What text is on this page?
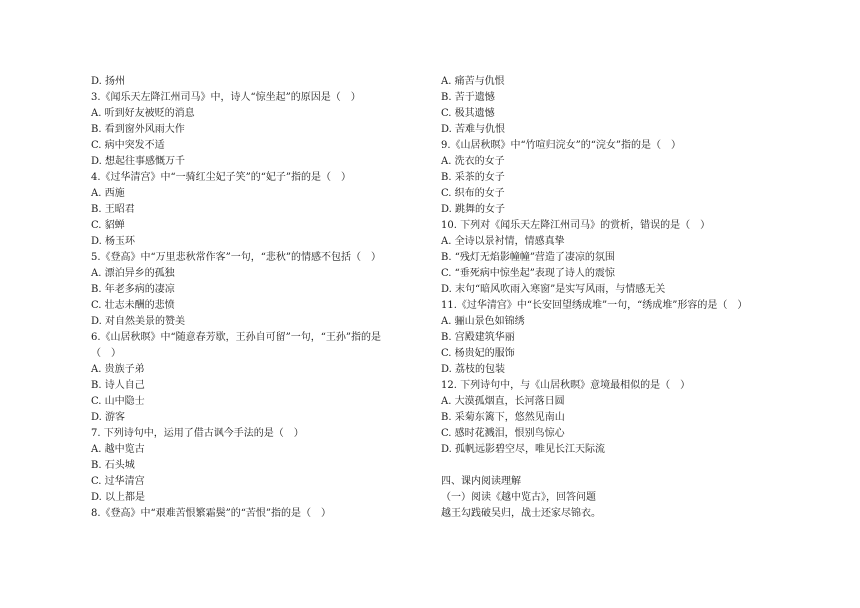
D. 扬州
3.《闻乐天左降江州司马》中，诗人“惊坐起”的原因是（　）
A. 听到好友被贬的消息
B. 看到窗外风雨大作
C. 病中突发不适
D. 想起往事感慨万千
4.《过华清宫》中“一骑红尘妃子笑”的“妃子”指的是（　）
A. 西施
B. 王昭君
C. 貂蝉
D. 杨玉环
5.《登高》中“万里悲秋常作客”一句，“悲秋”的情感不包括（　）
A. 漂泊异乡的孤独
B. 年老多病的凄凉
C. 壮志未酬的悲愤
D. 对自然美景的赞美
6.《山居秋暝》中“随意春芳歇，王孙自可留”一句，“王孙”指的是
（　）
A. 贵族子弟
B. 诗人自己
C. 山中隐士
D. 游客
7. 下列诗句中，运用了借古讽今手法的是（　）
A. 越中览古
B. 石头城
C. 过华清宫
D. 以上都是
8.《登高》中“艰难苦恨繁霜鬓”的“苦恨”指的是（　）
A. 痛苦与仇恨
B. 苦于遗憾
C. 极其遗憾
D. 苦难与仇恨
9.《山居秋暝》中“竹喧归浣女”的“浣女”指的是（　）
A. 洗衣的女子
B. 采茶的女子
C. 织布的女子
D. 跳舞的女子
10. 下列对《闻乐天左降江州司马》的赏析，错误的是（　）
A. 全诗以景衬情，情感真挚
B. “残灯无焰影幢幢”营造了凄凉的氛围
C. “垂死病中惊坐起”表现了诗人的震惊
D. 末句“暗风吹雨入寒窗”是实写风雨，与情感无关
11.《过华清宫》中“长安回望绣成堆”一句，“绣成堆”形容的是（　）
A. 骊山景色如锦绣
B. 宫殿建筑华丽
C. 杨贵妃的服饰
D. 荔枝的包装
12. 下列诗句中，与《山居秋暝》意境最相似的是（　）
A. 大漠孤烟直，长河落日圆
B. 采菊东篱下，悠然见南山
C. 感时花溅泪，恨别鸟惊心
D. 孤帆远影碧空尽，唯见长江天际流
四、课内阅读理解
（一）阅读《越中览古》，回答问题
越王勾践破吴归，战士还家尽锦衣。
